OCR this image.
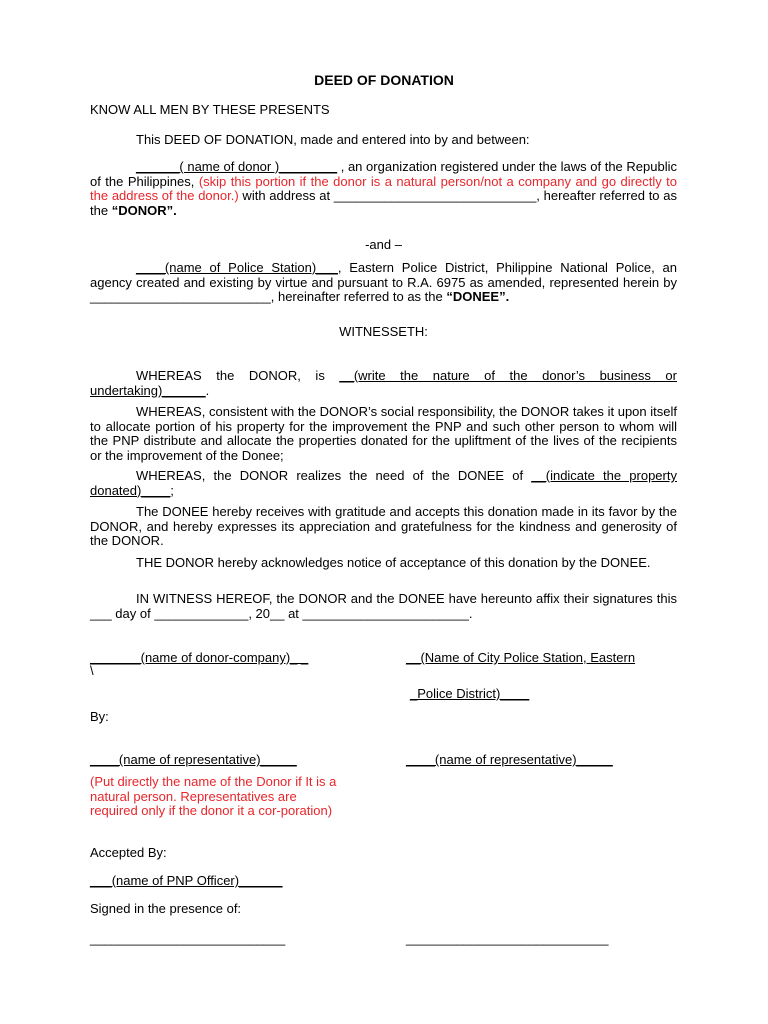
DEED OF DONATION
KNOW ALL MEN BY THESE PRESENTS
This DEED OF DONATION, made and entered into by and between:
______( name of donor )________ , an organization registered under the laws of the Republic of the Philippines, (skip this portion if the donor is a natural person/not a company and go directly to the address of the donor.) with address at ____________________________, hereafter referred to as the “DONOR”.
-and –
____(name of Police Station)___, Eastern Police District, Philippine National Police, an agency created and existing by virtue and pursuant to R.A. 6975 as amended, represented herein by _________________________, hereinafter referred to as the “DONEE”.
WITNESSETH:
WHEREAS the DONOR, is __(write the nature of the donor’s business or undertaking)______.
WHEREAS, consistent with the DONOR’s social responsibility, the DONOR takes it upon itself to allocate portion of his property for the improvement the PNP and such other person to whom will the PNP distribute and allocate the properties donated for the upliftment of the lives of the recipients or the improvement of the Donee;
WHEREAS, the DONOR realizes the need of the DONEE of __(indicate the property donated)____;
The DONEE hereby receives with gratitude and accepts this donation made in its favor by the DONOR, and hereby expresses its appreciation and gratefulness for the kindness and generosity of the DONOR.
THE DONOR hereby acknowledges notice of acceptance of this donation by the DONEE.
IN WITNESS HEREOF, the DONOR and the DONEE have hereunto affix their signatures this ___ day of _____________, 20__ at _______________________.
_______(name of donor-company)_ _
\
__(Name of City Police Station, Eastern
_Police District)____
By:
____(name of representative)_____	____(name of representative)_____
(Put directly the name of the Donor if It is a natural person. Representatives are required only if the donor it a cor-poration)
Accepted By:
___(name of PNP Officer)______
Signed in the presence of:
___________________________	____________________________
